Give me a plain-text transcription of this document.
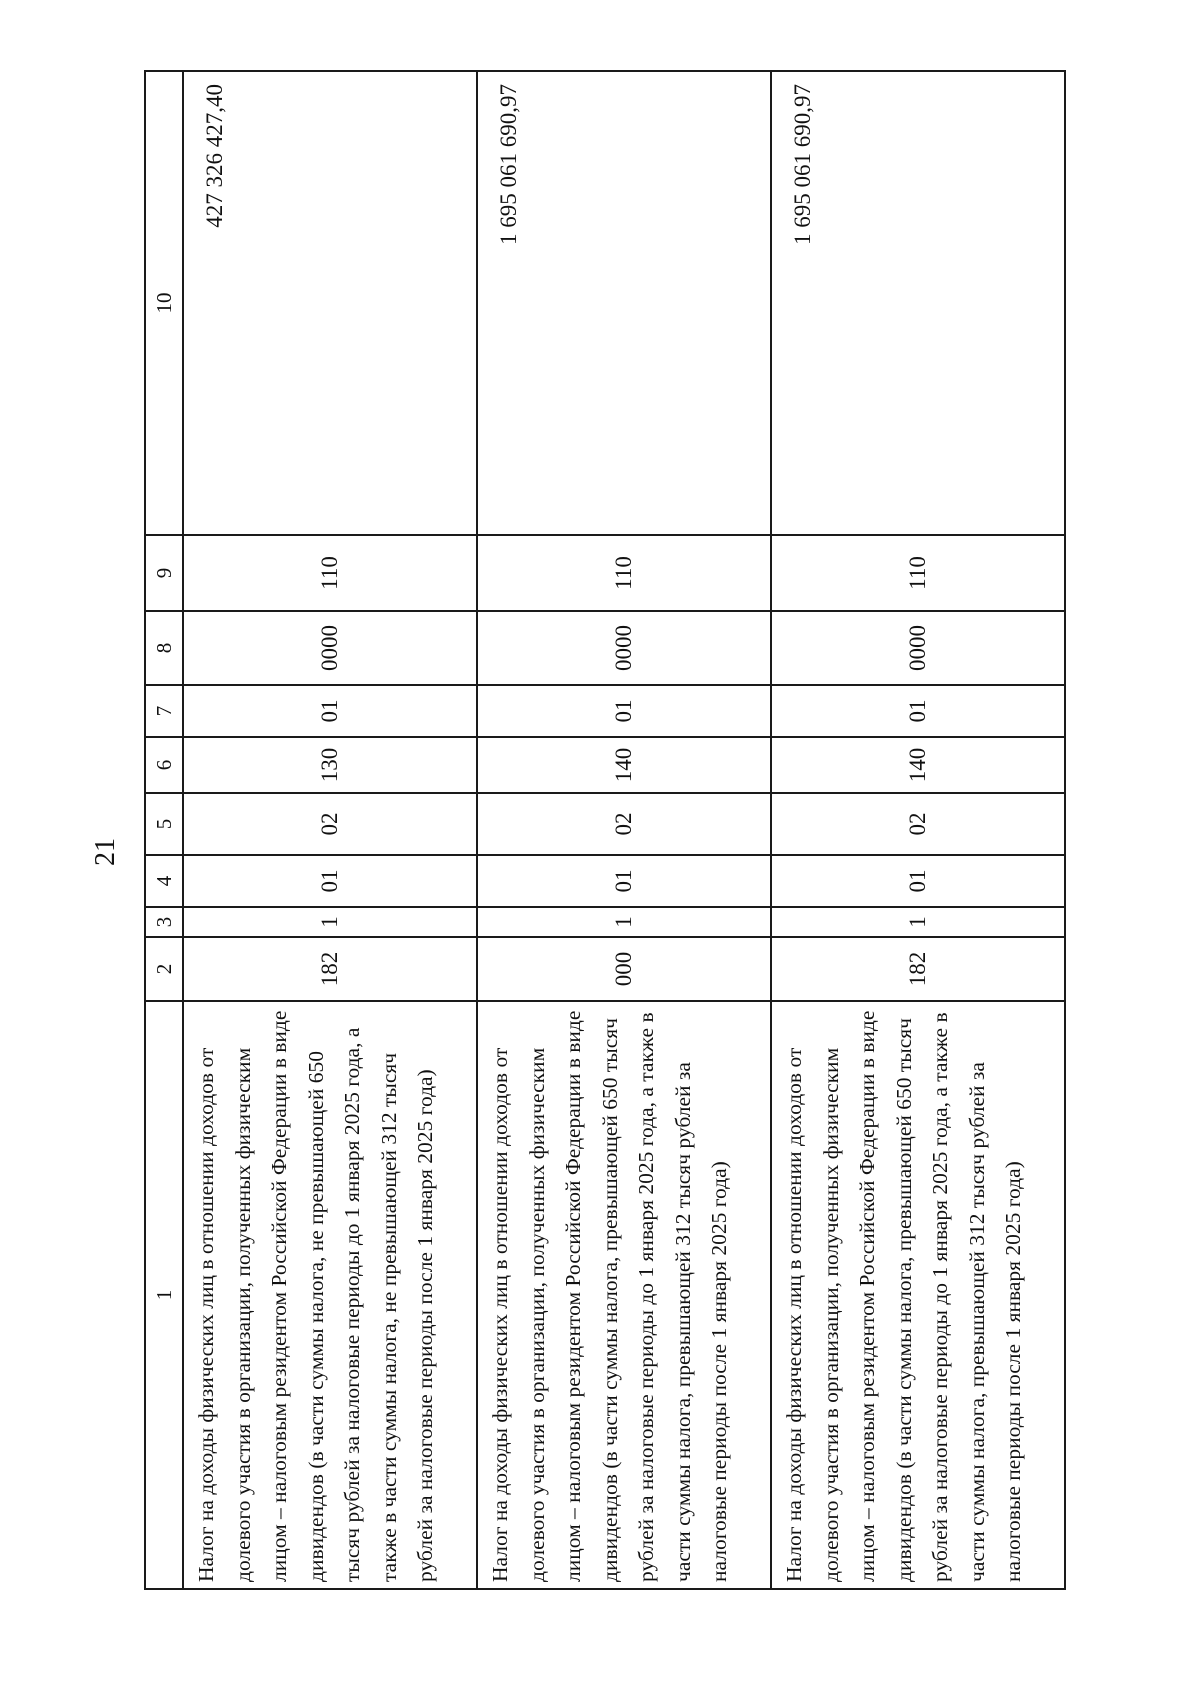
21
1	2	3	4	5	6	7	8	9	10
Налог на доходы физических лиц в отношении доходов от долевого участия в организации, полученных физическим лицом – налоговым резидентом Российской Федерации в виде дивидендов (в части суммы налога, не превышающей 650 тысяч рублей за налоговые периоды до 1 января 2025 года, а также в части суммы налога, не превышающей 312 тысяч рублей за налоговые периоды после 1 января 2025 года)	182	1	01	02	130	01	0000	110	427 326 427,40
Налог на доходы физических лиц в отношении доходов от долевого участия в организации, полученных физическим лицом – налоговым резидентом Российской Федерации в виде дивидендов (в части суммы налога, превышающей 650 тысяч рублей за налоговые периоды до 1 января 2025 года, а также в части суммы налога, превышающей 312 тысяч рублей за налоговые периоды после 1 января 2025 года)	000	1	01	02	140	01	0000	110	1 695 061 690,97
Налог на доходы физических лиц в отношении доходов от долевого участия в организации, полученных физическим лицом – налоговым резидентом Российской Федерации в виде дивидендов (в части суммы налога, превышающей 650 тысяч рублей за налоговые периоды до 1 января 2025 года, а также в части суммы налога, превышающей 312 тысяч рублей за налоговые периоды после 1 января 2025 года)	182	1	01	02	140	01	0000	110	1 695 061 690,97
